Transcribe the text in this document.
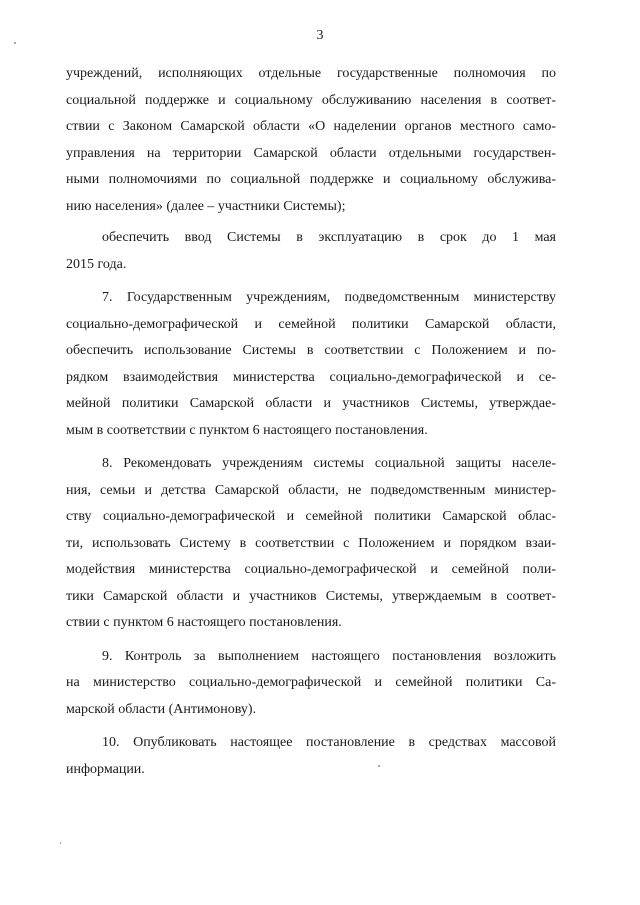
3
учреждений, исполняющих отдельные государственные полномочия по
социальной поддержке и социальному обслуживанию населения в соответ-
ствии с Законом Самарской области «О наделении органов местного само-
управления на территории Самарской области отдельными государствен-
ными полномочиями по социальной поддержке и социальному обслужива-
нию населения» (далее – участники Системы);
обеспечить ввод Системы в эксплуатацию в срок до 1 мая
2015 года.
7. Государственным учреждениям, подведомственным министерству
социально-демографической и семейной политики Самарской области,
обеспечить использование Системы в соответствии с Положением и по-
рядком взаимодействия министерства социально-демографической и се-
мейной политики Самарской области и участников Системы, утверждае-
мым в соответствии с пунктом 6 настоящего постановления.
8. Рекомендовать учреждениям системы социальной защиты населе-
ния, семьи и детства Самарской области, не подведомственным министер-
ству социально-демографической и семейной политики Самарской облас-
ти, использовать Систему в соответствии с Положением и порядком взаи-
модействия министерства социально-демографической и семейной поли-
тики Самарской области и участников Системы, утверждаемым в соответ-
ствии с пунктом 6 настоящего постановления.
9. Контроль за выполнением настоящего постановления возложить
на министерство социально-демографической и семейной политики Са-
марской области (Антимонову).
10. Опубликовать настоящее постановление в средствах массовой
информации.
